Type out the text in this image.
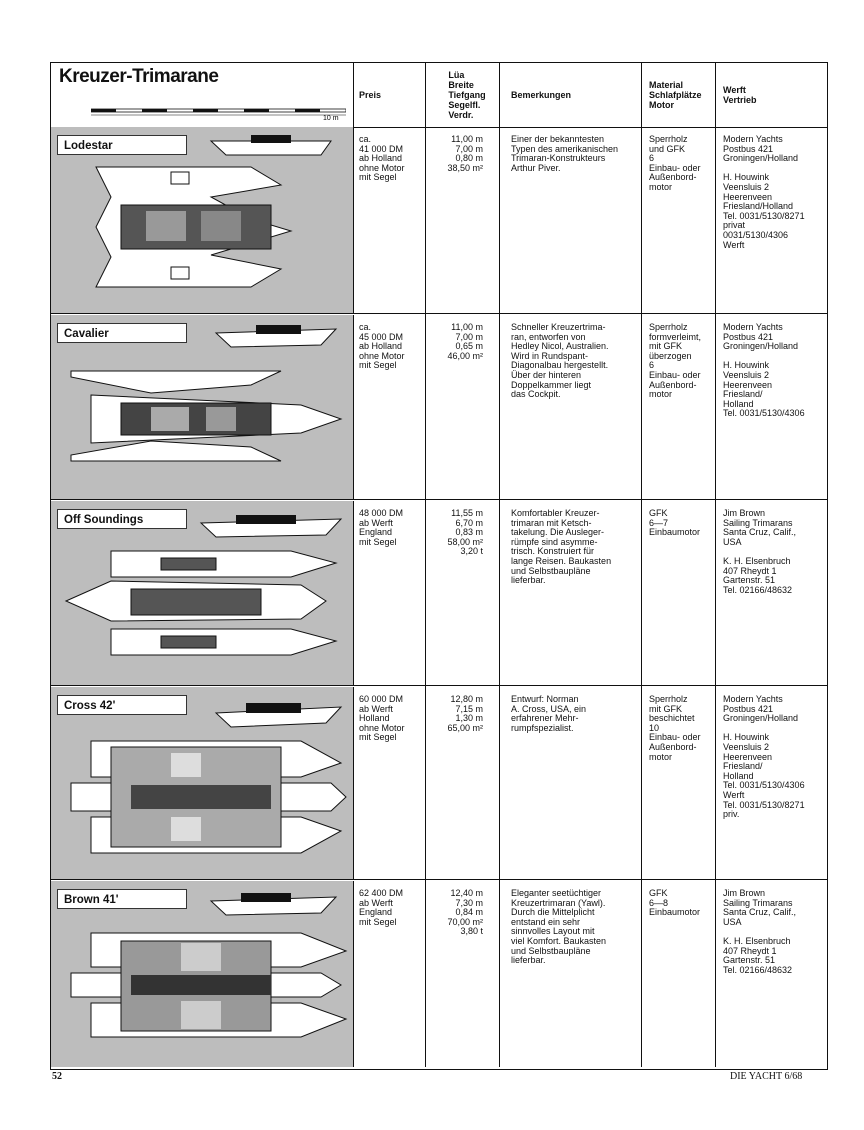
Kreuzer-Trimarane
10 m
Preis
Lüa
Breite
Tiefgang
Segelfl.
Verdr.
Bemerkungen
Material
Schlafplätze
Motor
Werft
Vertrieb
Lodestar
ca.
41 000 DM
ab Holland
ohne Motor
mit Segel
11,00 m
7,00 m
0,80 m
38,50 m²
Einer der bekanntesten
Typen des amerikanischen
Trimaran-Konstrukteurs
Arthur Piver.
Sperrholz
und GFK
6
Einbau- oder
Außenbord-
motor
Modern Yachts
Postbus 421
Groningen/Holland

H. Houwink
Veensluis 2
Heerenveen
Friesland/Holland
Tel. 0031/5130/8271
privat
0031/5130/4306
Werft
Cavalier
ca.
45 000 DM
ab Holland
ohne Motor
mit Segel
11,00 m
7,00 m
0,65 m
46,00 m²
Schneller Kreuzertrima-
ran, entworfen von
Hedley Nicol, Australien.
Wird in Rundspant-
Diagonalbau hergestellt.
Über der hinteren
Doppelkammer liegt
das Cockpit.
Sperrholz
formverleimt,
mit GFK
überzogen
6
Einbau- oder
Außenbord-
motor
Modern Yachts
Postbus 421
Groningen/Holland

H. Houwink
Veensluis 2
Heerenveen
Friesland/
Holland
Tel. 0031/5130/4306
Off Soundings
48 000 DM
ab Werft
England
mit Segel
11,55 m
6,70 m
0,83 m
58,00 m²
3,20 t
Komfortabler Kreuzer-
trimaran mit Ketsch-
takelung. Die Ausleger-
rümpfe sind asymme-
trisch. Konstruiert für
lange Reisen. Baukasten
und Selbstbaupläne
lieferbar.
GFK
6—7
Einbaumotor
Jim Brown
Sailing Trimarans
Santa Cruz, Calif.,
USA

K. H. Elsenbruch
407 Rheydt 1
Gartenstr. 51
Tel. 02166/48632
Cross 42'
60 000 DM
ab Werft
Holland
ohne Motor
mit Segel
12,80 m
7,15 m
1,30 m
65,00 m²
Entwurf: Norman
A. Cross, USA, ein
erfahrener Mehr-
rumpfspezialist.
Sperrholz
mit GFK
beschichtet
10
Einbau- oder
Außenbord-
motor
Modern Yachts
Postbus 421
Groningen/Holland

H. Houwink
Veensluis 2
Heerenveen
Friesland/
Holland
Tel. 0031/5130/4306
Werft
Tel. 0031/5130/8271
priv.
Brown 41'
62 400 DM
ab Werft
England
mit Segel
12,40 m
7,30 m
0,84 m
70,00 m²
3,80 t
Eleganter seetüchtiger
Kreuzertrimaran (Yawl).
Durch die Mittelplicht
entstand ein sehr
sinnvolles Layout mit
viel Komfort. Baukasten
und Selbstbaupläne
lieferbar.
GFK
6—8
Einbaumotor
Jim Brown
Sailing Trimarans
Santa Cruz, Calif.,
USA

K. H. Elsenbruch
407 Rheydt 1
Gartenstr. 51
Tel. 02166/48632
52	DIE YACHT 6/68
